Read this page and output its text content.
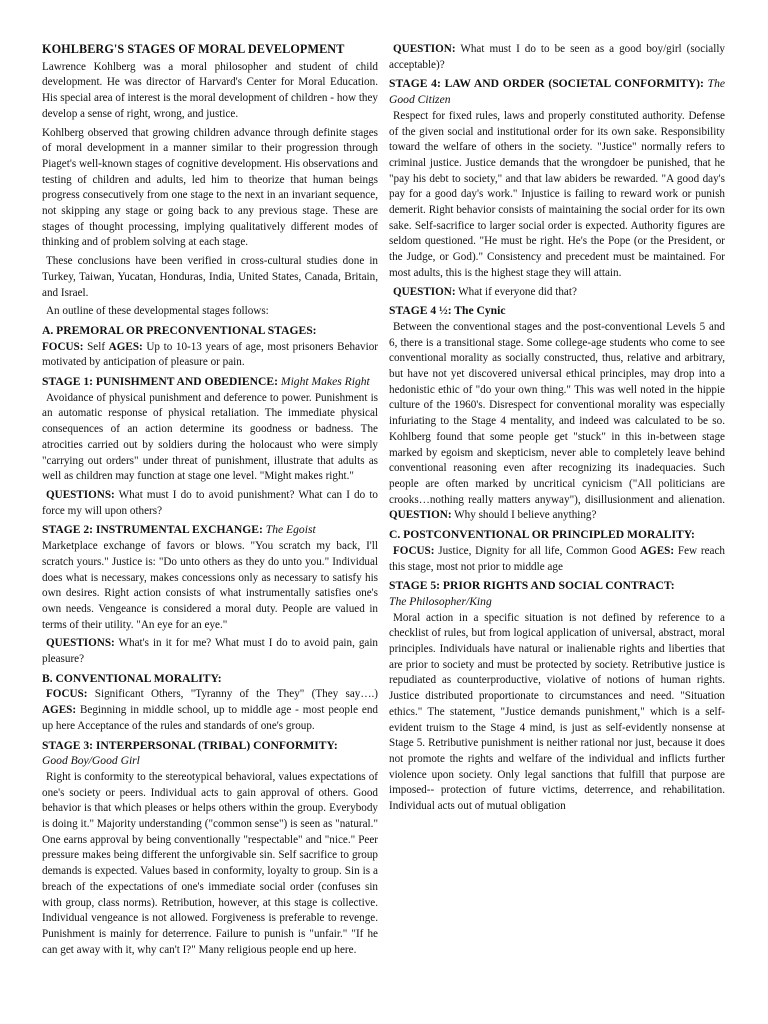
KOHLBERG'S STAGES OF MORAL DEVELOPMENT

Lawrence Kohlberg was a moral philosopher and student of child development. He was director of Harvard's Center for Moral Education. His special area of interest is the moral development of children - how they develop a sense of right, wrong, and justice.

Kohlberg observed that growing children advance through definite stages of moral development in a manner similar to their progression through Piaget's well-known stages of cognitive development. His observations and testing of children and adults, led him to theorize that human beings progress consecutively from one stage to the next in an invariant sequence, not skipping any stage or going back to any previous stage. These are stages of thought processing, implying qualitatively different modes of thinking and of problem solving at each stage.

These conclusions have been verified in cross-cultural studies done in Turkey, Taiwan, Yucatan, Honduras, India, United States, Canada, Britain, and Israel.

An outline of these developmental stages follows:

A. PREMORAL OR PRECONVENTIONAL STAGES:

FOCUS: Self AGES: Up to 10-13 years of age, most prisoners Behavior motivated by anticipation of pleasure or pain.

STAGE 1: PUNISHMENT AND OBEDIENCE: Might Makes Right

Avoidance of physical punishment and deference to power. Punishment is an automatic response of physical retaliation. The immediate physical consequences of an action determine its goodness or badness. The atrocities carried out by soldiers during the holocaust who were simply "carrying out orders" under threat of punishment, illustrate that adults as well as children may function at stage one level. "Might makes right."

QUESTIONS: What must I do to avoid punishment? What can I do to force my will upon others?

STAGE 2: INSTRUMENTAL EXCHANGE: The Egoist

Marketplace exchange of favors or blows. "You scratch my back, I'll scratch yours." Justice is: "Do unto others as they do unto you." Individual does what is necessary, makes concessions only as necessary to satisfy his own desires. Right action consists of what instrumentally satisfies one's own needs. Vengeance is considered a moral duty. People are valued in terms of their utility. "An eye for an eye."

QUESTIONS: What's in it for me? What must I do to avoid pain, gain pleasure?

B. CONVENTIONAL MORALITY:

FOCUS: Significant Others, "Tyranny of the They" (They say….) AGES: Beginning in middle school, up to middle age - most people end up here Acceptance of the rules and standards of one's group.

STAGE 3: INTERPERSONAL (TRIBAL) CONFORMITY:
Good Boy/Good Girl

Right is conformity to the stereotypical behavioral, values expectations of one's society or peers. Individual acts to gain approval of others. Good behavior is that which pleases or helps others within the group. Everybody is doing it." Majority understanding ("common sense") is seen as "natural." One earns approval by being conventionally "respectable" and "nice." Peer pressure makes being different the unforgivable sin. Self sacrifice to group demands is expected. Values based in conformity, loyalty to group. Sin is a breach of the expectations of one's immediate social order (confuses sin with group, class norms). Retribution, however, at this stage is collective. Individual vengeance is not allowed. Forgiveness is preferable to revenge. Punishment is mainly for deterrence. Failure to punish is "unfair." "If he can get away with it, why can't I?" Many religious people end up here.

QUESTION: What must I do to be seen as a good boy/girl (socially acceptable)?

STAGE 4: LAW AND ORDER (SOCIETAL CONFORMITY): The Good Citizen

Respect for fixed rules, laws and properly constituted authority. Defense of the given social and institutional order for its own sake. Responsibility toward the welfare of others in the society. "Justice" normally refers to criminal justice. Justice demands that the wrongdoer be punished, that he "pay his debt to society," and that law abiders be rewarded. "A good day's pay for a good day's work." Injustice is failing to reward work or punish demerit. Right behavior consists of maintaining the social order for its own sake. Self-sacrifice to larger social order is expected. Authority figures are seldom questioned. "He must be right. He's the Pope (or the President, or the Judge, or God)." Consistency and precedent must be maintained. For most adults, this is the highest stage they will attain.

QUESTION: What if everyone did that?

STAGE 4 ½: The Cynic

Between the conventional stages and the post-conventional Levels 5 and 6, there is a transitional stage. Some college-age students who come to see conventional morality as socially constructed, thus, relative and arbitrary, but have not yet discovered universal ethical principles, may drop into a hedonistic ethic of "do your own thing." This was well noted in the hippie culture of the 1960's. Disrespect for conventional morality was especially infuriating to the Stage 4 mentality, and indeed was calculated to be so. Kohlberg found that some people get "stuck" in this in-between stage marked by egoism and skepticism, never able to completely leave behind conventional reasoning even after recognizing its inadequacies. Such people are often marked by uncritical cynicism ("All politicians are crooks…nothing really matters anyway"), disillusionment and alienation. QUESTION: Why should I believe anything?

C. POSTCONVENTIONAL OR PRINCIPLED MORALITY:

FOCUS: Justice, Dignity for all life, Common Good AGES: Few reach this stage, most not prior to middle age

STAGE 5: PRIOR RIGHTS AND SOCIAL CONTRACT:
The Philosopher/King

Moral action in a specific situation is not defined by reference to a checklist of rules, but from logical application of universal, abstract, moral principles. Individuals have natural or inalienable rights and liberties that are prior to society and must be protected by society. Retributive justice is repudiated as counterproductive, violative of notions of human rights. Justice distributed proportionate to circumstances and need. "Situation ethics." The statement, "Justice demands punishment," which is a self-evident truism to the Stage 4 mind, is just as self-evidently nonsense at Stage 5. Retributive punishment is neither rational nor just, because it does not promote the rights and welfare of the individual and inflicts further violence upon society. Only legal sanctions that fulfill that purpose are imposed-- protection of future victims, deterrence, and rehabilitation. Individual acts out of mutual obligation
